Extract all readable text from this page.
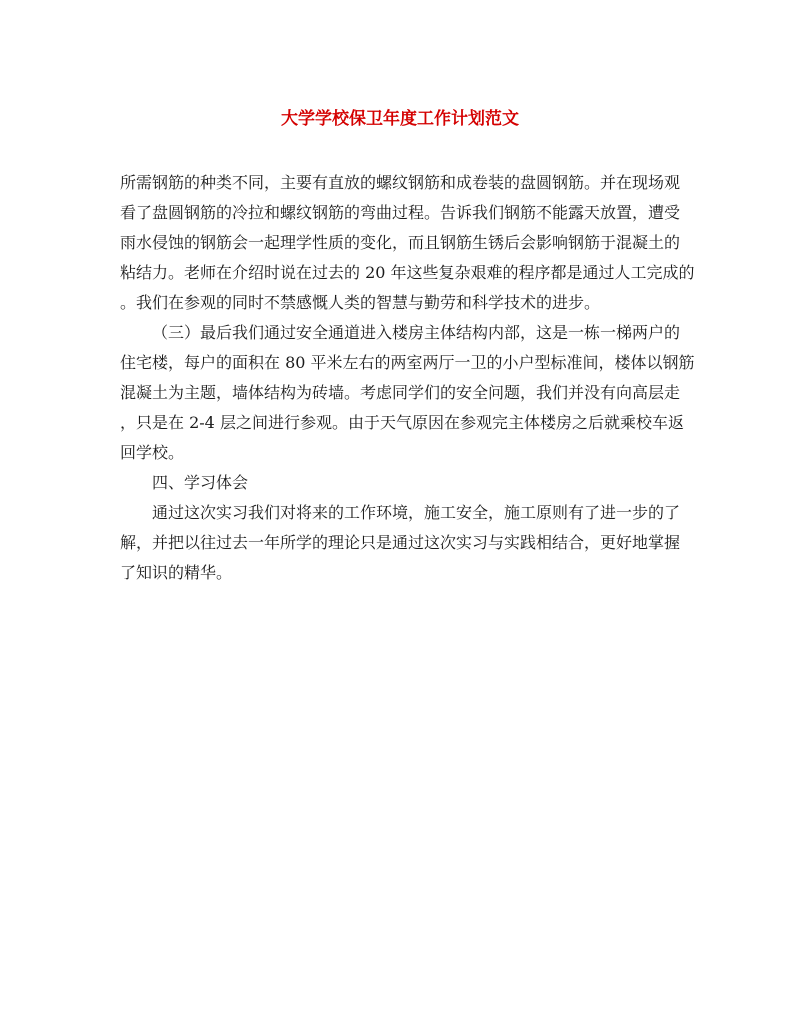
大学学校保卫年度工作计划范文
所需钢筋的种类不同，主要有直放的螺纹钢筋和成卷装的盘圆钢筋。并在现场观
看了盘圆钢筋的冷拉和螺纹钢筋的弯曲过程。告诉我们钢筋不能露天放置，遭受
雨水侵蚀的钢筋会一起理学性质的变化，而且钢筋生锈后会影响钢筋于混凝土的
粘结力。老师在介绍时说在过去的 20 年这些复杂艰难的程序都是通过人工完成的
。我们在参观的同时不禁感慨人类的智慧与勤劳和科学技术的进步。
（三）最后我们通过安全通道进入楼房主体结构内部，这是一栋一梯两户的
住宅楼，每户的面积在 80 平米左右的两室两厅一卫的小户型标准间，楼体以钢筋
混凝土为主题，墙体结构为砖墙。考虑同学们的安全问题，我们并没有向高层走
，只是在 2-4 层之间进行参观。由于天气原因在参观完主体楼房之后就乘校车返
回学校。
四、学习体会
通过这次实习我们对将来的工作环境，施工安全，施工原则有了进一步的了
解，并把以往过去一年所学的理论只是通过这次实习与实践相结合，更好地掌握
了知识的精华。
